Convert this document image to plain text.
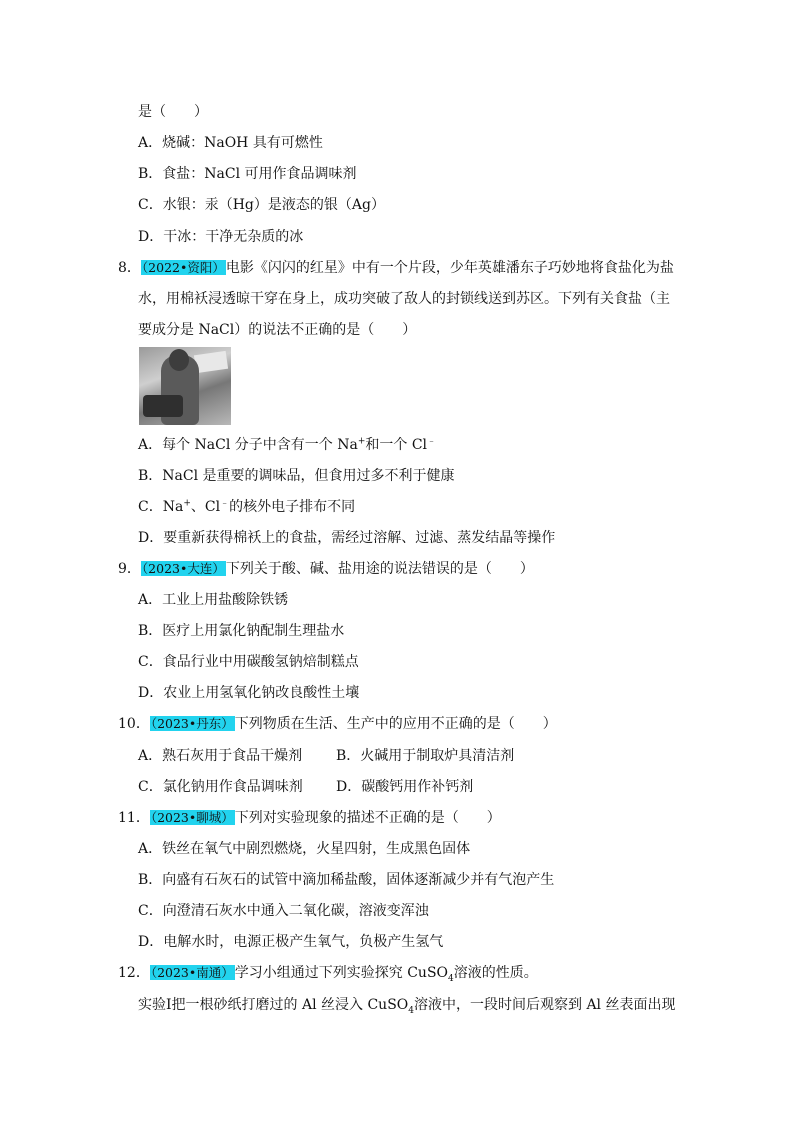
是（　　）
A．烧碱：NaOH 具有可燃性
B．食盐：NaCl 可用作食品调味剂
C．水银：汞（Hg）是液态的银（Ag）
D．干冰：干净无杂质的冰
8．（2022•资阳）电影《闪闪的红星》中有一个片段，少年英雄潘东子巧妙地将食盐化为盐
水，用棉袄浸透晾干穿在身上，成功突破了敌人的封锁线送到苏区。下列有关食盐（主
要成分是 NaCl）的说法不正确的是（　　）
A．每个 NaCl 分子中含有一个 Na+和一个 Cl﹣
B．NaCl 是重要的调味品，但食用过多不利于健康
C．Na+、Cl﹣的核外电子排布不同
D．要重新获得棉袄上的食盐，需经过溶解、过滤、蒸发结晶等操作
9．（2023•大连）下列关于酸、碱、盐用途的说法错误的是（　　）
A．工业上用盐酸除铁锈
B．医疗上用氯化钠配制生理盐水
C．食品行业中用碳酸氢钠焙制糕点
D．农业上用氢氧化钠改良酸性土壤
10．（2023•丹东）下列物质在生活、生产中的应用不正确的是（　　）
A．熟石灰用于食品干燥剂 B．火碱用于制取炉具清洁剂
C．氯化钠用作食品调味剂 D．碳酸钙用作补钙剂
11．（2023•聊城）下列对实验现象的描述不正确的是（　　）
A．铁丝在氧气中剧烈燃烧，火星四射，生成黑色固体
B．向盛有石灰石的试管中滴加稀盐酸，固体逐渐减少并有气泡产生
C．向澄清石灰水中通入二氧化碳，溶液变浑浊
D．电解水时，电源正极产生氧气，负极产生氢气
12．（2023•南通）学习小组通过下列实验探究 CuSO$_4$溶液的性质。
实验Ⅰ把一根砂纸打磨过的 Al 丝浸入 CuSO$_4$溶液中，一段时间后观察到 Al 丝表面出现
